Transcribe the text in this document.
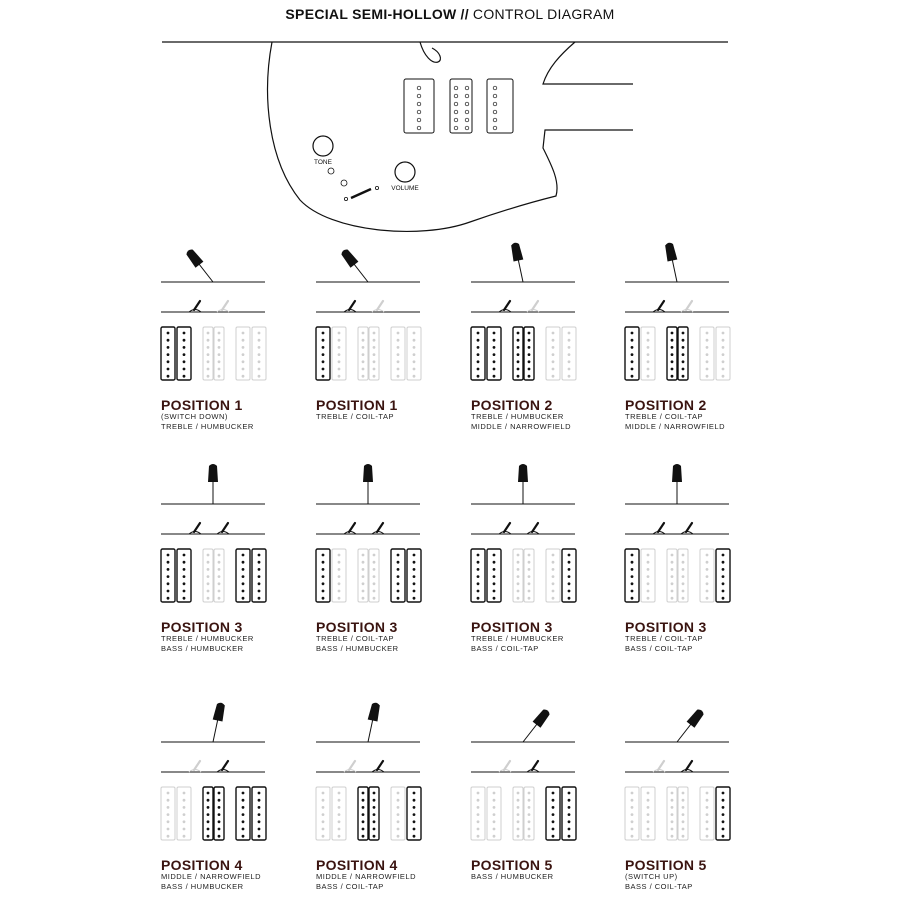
SPECIAL SEMI-HOLLOW // CONTROL DIAGRAM
TONE
VOLUME
POSITION 1
(SWITCH DOWN)
TREBLE / HUMBUCKER
POSITION 1
TREBLE / COIL-TAP
POSITION 2
TREBLE / HUMBUCKER
MIDDLE / NARROWFIELD
POSITION 2
TREBLE / COIL-TAP
MIDDLE / NARROWFIELD
POSITION 3
TREBLE / HUMBUCKER
BASS / HUMBUCKER
POSITION 3
TREBLE / COIL-TAP
BASS / HUMBUCKER
POSITION 3
TREBLE / HUMBUCKER
BASS / COIL-TAP
POSITION 3
TREBLE / COIL-TAP
BASS / COIL-TAP
POSITION 4
MIDDLE / NARROWFIELD
BASS / HUMBUCKER
POSITION 4
MIDDLE / NARROWFIELD
BASS / COIL-TAP
POSITION 5
BASS / HUMBUCKER
POSITION 5
(SWITCH UP)
BASS / COIL-TAP
